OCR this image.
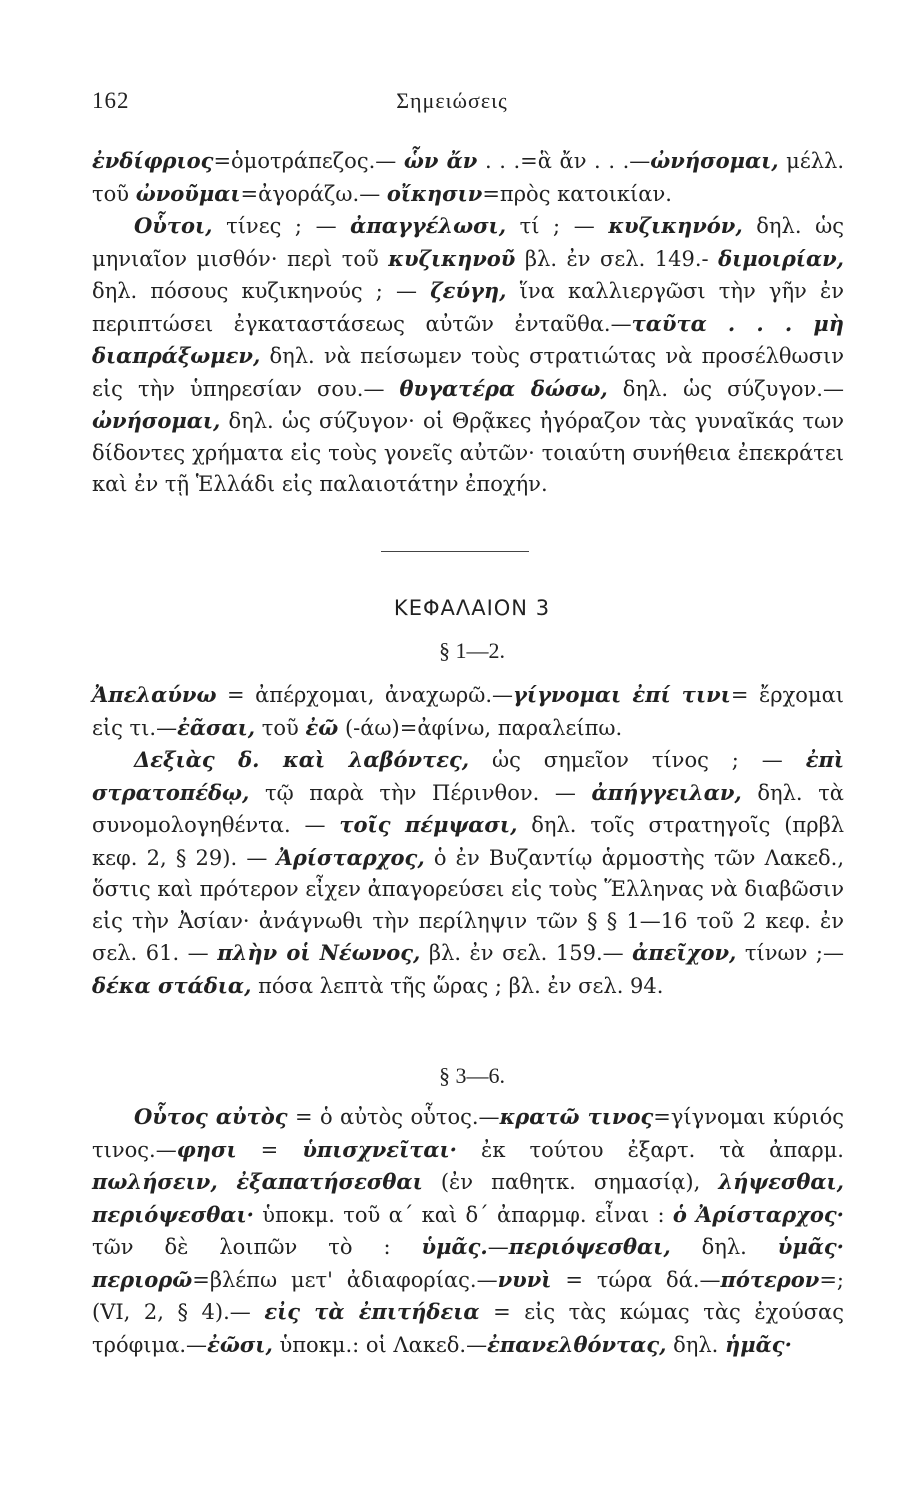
162	Σημειώσεις

ἐνδίφριος=ὁμοτράπεζος.— ὧν ἄν . . .=ἃ ἄν . . .—ὠνήσομαι, μέλλ. τοῦ ὠνοῦμαι=ἀγοράζω.— οἴκησιν=πρὸς κατοικίαν.

Οὗτοι, τίνες ; — ἀπαγγέλωσι, τί ; — κυζικηνόν, δηλ. ὡς μηνιαῖον μισθόν· περὶ τοῦ κυζικηνοῦ βλ. ἐν σελ. 149.- διμοιρίαν, δηλ. πόσους κυζικηνούς ; — ζεύγη, ἵνα καλλιεργῶσι τὴν γῆν ἐν περιπτώσει ἐγκαταστάσεως αὐτῶν ἐνταῦθα.—ταῦτα . . . μὴ διαπράξωμεν, δηλ. νὰ πείσωμεν τοὺς στρατιώτας νὰ προσέλθωσιν εἰς τὴν ὑπηρεσίαν σου.— θυγατέρα δώσω, δηλ. ὡς σύζυγον.— ὠνήσομαι, δηλ. ὡς σύζυγον· οἱ Θρᾷκες ἠγόραζον τὰς γυναῖκάς των δίδοντες χρήματα εἰς τοὺς γονεῖς αὐτῶν· τοιαύτη συνήθεια ἐπεκράτει καὶ ἐν τῇ Ἑλλάδι εἰς παλαιοτάτην ἐποχήν.

ΚΕΦΑΛΑΙΟΝ 3
§ 1—2.

Ἀπελαύνω = ἀπέρχομαι, ἀναχωρῶ.—γίγνομαι ἐπί τινι= ἔρχομαι εἰς τι.—ἐᾶσαι, τοῦ ἐῶ (-άω)=ἀφίνω, παραλείπω.

Δεξιὰς δ. καὶ λαβόντες, ὡς σημεῖον τίνος ; — ἐπὶ στρατοπέδῳ, τῷ παρὰ τὴν Πέρινθον. — ἀπήγγειλαν, δηλ. τὰ συνομολογηθέντα. — τοῖς πέμψασι, δηλ. τοῖς στρατηγοῖς (πρβλ κεφ. 2, § 29). — Ἀρίσταρχος, ὁ ἐν Βυζαντίῳ ἁρμοστὴς τῶν Λακεδ., ὅστις καὶ πρότερον εἶχεν ἀπαγορεύσει εἰς τοὺς Ἕλληνας νὰ διαβῶσιν εἰς τὴν Ἀσίαν· ἀνάγνωθι τὴν περίληψιν τῶν § § 1—16 τοῦ 2 κεφ. ἐν σελ. 61. — πλὴν οἱ Νέωνος, βλ. ἐν σελ. 159.— ἀπεῖχον, τίνων ;—δέκα στάδια, πόσα λεπτὰ τῆς ὥρας ; βλ. ἐν σελ. 94.

§ 3—6.

Οὗτος αὐτὸς = ὁ αὐτὸς οὗτος.—κρατῶ τινος=γίγνομαι κύριός τινος.—φησι = ὑπισχνεῖται· ἐκ τούτου ἐξαρτ. τὰ ἀπαρμ. πωλήσειν, ἐξαπατήσεσθαι (ἐν παθητκ. σημασίᾳ), λήψεσθαι, περιόψεσθαι· ὑποκμ. τοῦ α΄ καὶ δ΄ ἀπαρμφ. εἶναι : ὁ Ἀρίσταρχος· τῶν δὲ λοιπῶν τὸ : ὑμᾶς.—περιόψεσθαι, δηλ. ὑμᾶς· περιορῶ=βλέπω μετ' ἀδιαφορίας.—νυνὶ = τώρα δά.—πότερον=; (VI, 2, § 4).— εἰς τὰ ἐπιτήδεια = εἰς τὰς κώμας τὰς ἐχούσας τρόφιμα.—ἐῶσι, ὑποκμ.: οἱ Λακεδ.—ἐπανελθόντας, δηλ. ἡμᾶς·
